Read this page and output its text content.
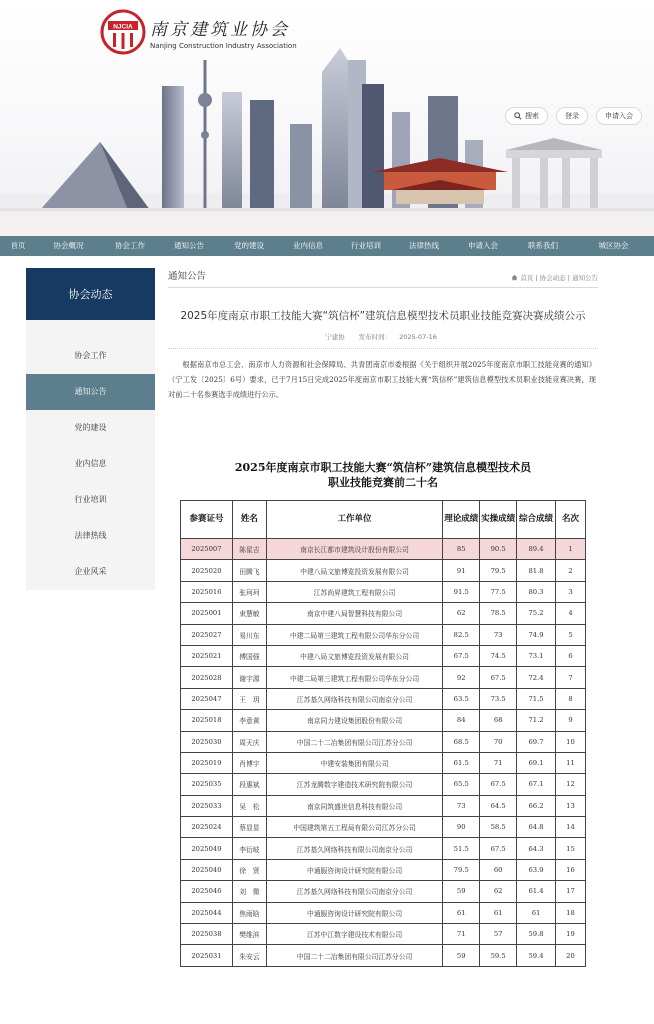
NJCIA 南京建筑业协会
Nanjing Construction Industry Association
搜索	登录	申请入会
首页	协会概况	协会工作	通知公告	党的建设	业内信息	行业培训	法律热线	申请入会	联系我们	城区协会
协会动态
协会工作
通知公告
党的建设
业内信息
行业培训
法律热线
企业风采
通知公告	首页 | 协会动态 | 通知公告
2025年度南京市职工技能大赛“筑信杯”建筑信息模型技术员职业技能竞赛决赛成绩公示
宁建协 发布时间： 2025-07-16
根据南京市总工会、南京市人力资源和社会保障局、共青团南京市委根据《关于组织开展2025年度南京市职工技能竞赛的通知》（宁工发〔2025〕6号）要求，已于7月15日完成2025年度南京市职工技能大赛“筑信杯”建筑信息模型技术员职业技能竞赛决赛，现对前二十名参赛选手成绩进行公示。
2025年度南京市职工技能大赛“筑信杯”建筑信息模型技术员
职业技能竞赛前二十名
参赛证号	姓名	工作单位	理论成绩	实操成绩	综合成绩	名次
2025007	陈星吉	南京长江都市建筑设计股份有限公司	85	90.5	89.4	1
2025020	田腾飞	中建八局文旅博览投资发展有限公司	91	79.5	81.8	2
2025016	张珂珂	江苏尚昇建筑工程有限公司	91.5	77.5	80.3	3
2025001	束慧敏	南京中建八局智慧科技有限公司	62	78.5	75.2	4
2025027	易川东	中建二局第三建筑工程有限公司华东分公司	82.5	73	74.9	5
2025021	傅国强	中建八局文旅博览投资发展有限公司	67.5	74.5	73.1	6
2025028	谢宇源	中建二局第三建筑工程有限公司华东分公司	92	67.5	72.4	7
2025047	王　玥	江苏基久网络科技有限公司南京分公司	63.5	73.5	71.5	8
2025018	李意黄	南京同力建设集团股份有限公司	84	68	71.2	9
2025030	周天庆	中国二十二冶集团有限公司江苏分公司	68.5	70	69.7	10
2025019	肖博宇	中建安装集团有限公司	61.5	71	69.1	11
2025035	段惠斌	江苏龙腾数字建造技术研究院有限公司	65.5	67.5	67.1	12
2025033	吴　松	南京同筑盛世信息科技有限公司	73	64.5	66.2	13
2025024	蔡显显	中国建筑第五工程局有限公司江苏分公司	90	58.5	64.8	14
2025049	李衍岐	江苏基久网络科技有限公司南京分公司	51.5	67.5	64.3	15
2025040	徐　贤	中通服咨询设计研究院有限公司	79.5	60	63.9	16
2025046	刘　微	江苏基久网络科技有限公司南京分公司	59	62	61.4	17
2025044	焦雨晗	中通服咨询设计研究院有限公司	61	61	61	18
2025038	樊维滨	江苏中江数字建设技术有限公司	71	57	59.8	19
2025031	朱安云	中国二十二冶集团有限公司江苏分公司	59	59.5	59.4	20
